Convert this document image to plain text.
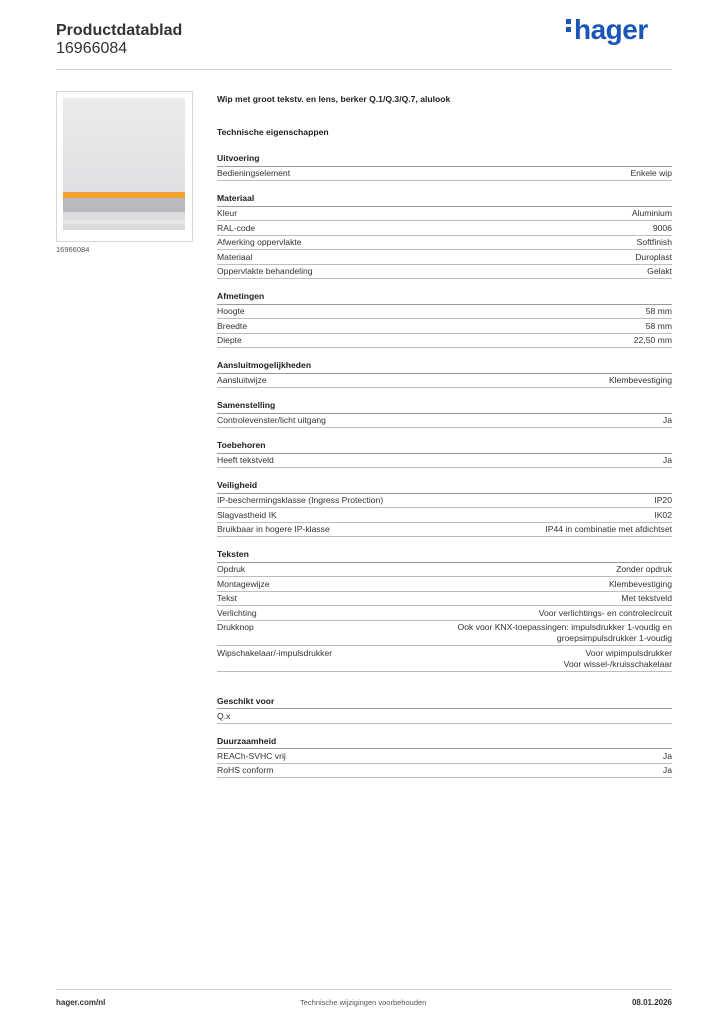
Productdatablad
16966084
hager
16966084
Wip met groot tekstv. en lens, berker Q.1/Q.3/Q.7, alulook
Technische eigenschappen
Uitvoering
Bedieningselement	Enkele wip
Materiaal
Kleur	Aluminium
RAL-code	9006
Afwerking oppervlakte	Softfinish
Materiaal	Duroplast
Oppervlakte behandeling	Gelakt
Afmetingen
Hoogte	58 mm
Breedte	58 mm
Diepte	22,50 mm
Aansluitmogelijkheden
Aansluitwijze	Klembevestiging
Samenstelling
Controlevenster/licht uitgang	Ja
Toebehoren
Heeft tekstveld	Ja
Veiligheid
IP-beschermingsklasse (Ingress Protection)	IP20
Slagvastheid IK	IK02
Bruikbaar in hogere IP-klasse	IP44 in combinatie met afdichtset
Teksten
Opdruk	Zonder opdruk
Montagewijze	Klembevestiging
Tekst	Met tekstveld
Verlichting	Voor verlichtings- en controlecircuit
Drukknop	Ook voor KNX-toepassingen: impulsdrukker 1-voudig en
groepsimpulsdrukker 1-voudig
Wipschakelaar/-impulsdrukker	Voor wipimpulsdrukker
Voor wissel-/kruisschakelaar
Geschikt voor
Q.x
Duurzaamheid
REACh-SVHC vrij	Ja
RoHS conform	Ja
hager.com/nl	Technische wijzigingen voorbehouden	08.01.2026
